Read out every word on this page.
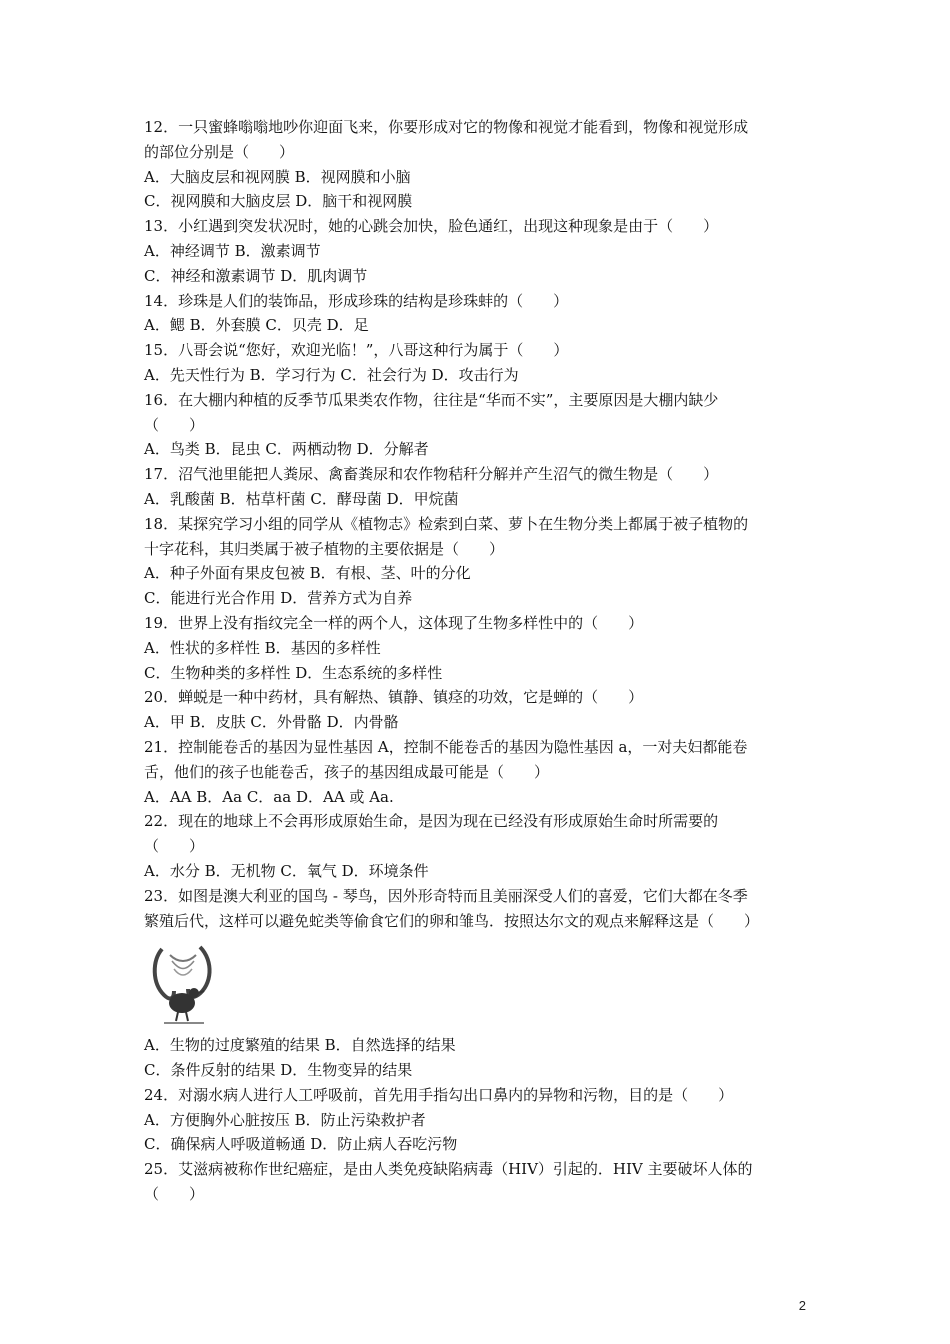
12．一只蜜蜂嗡嗡地吵你迎面飞来，你要形成对它的物像和视觉才能看到，物像和视觉形成
的部位分别是（　　）
A．大脑皮层和视网膜 B．视网膜和小脑
C．视网膜和大脑皮层 D．脑干和视网膜
13．小红遇到突发状况时，她的心跳会加快，脸色通红，出现这种现象是由于（　　）
A．神经调节 B．激素调节
C．神经和激素调节 D．肌肉调节
14．珍珠是人们的装饰品，形成珍珠的结构是珍珠蚌的（　　）
A．鳃 B．外套膜 C．贝壳 D．足
15．八哥会说“您好，欢迎光临！”，八哥这种行为属于（　　）
A．先天性行为 B．学习行为 C．社会行为 D．攻击行为
16．在大棚内种植的反季节瓜果类农作物，往往是“华而不实”，主要原因是大棚内缺少
（　　）
A．鸟类 B．昆虫 C．两栖动物 D．分解者
17．沼气池里能把人粪尿、禽畜粪尿和农作物秸秆分解并产生沼气的微生物是（　　）
A．乳酸菌 B．枯草杆菌 C．酵母菌 D．甲烷菌
18．某探究学习小组的同学从《植物志》检索到白菜、萝卜在生物分类上都属于被子植物的
十字花科，其归类属于被子植物的主要依据是（　　）
A．种子外面有果皮包被 B．有根、茎、叶的分化
C．能进行光合作用 D．营养方式为自养
19．世界上没有指纹完全一样的两个人，这体现了生物多样性中的（　　）
A．性状的多样性 B．基因的多样性
C．生物种类的多样性 D．生态系统的多样性
20．蝉蜕是一种中药材，具有解热、镇静、镇痉的功效，它是蝉的（　　）
A．甲 B．皮肤 C．外骨骼 D．内骨骼
21．控制能卷舌的基因为显性基因 A，控制不能卷舌的基因为隐性基因 a，一对夫妇都能卷
舌，他们的孩子也能卷舌，孩子的基因组成最可能是（　　）
A．AA B．Aa C．aa D．AA 或 Aa.
22．现在的地球上不会再形成原始生命，是因为现在已经没有形成原始生命时所需要的
（　　）
A．水分 B．无机物 C．氧气 D．环境条件
23．如图是澳大利亚的国鸟 - 琴鸟，因外形奇特而且美丽深受人们的喜爱，它们大都在冬季
繁殖后代，这样可以避免蛇类等偷食它们的卵和雏鸟．按照达尔文的观点来解释这是（　　）
A．生物的过度繁殖的结果 B．自然选择的结果
C．条件反射的结果 D．生物变异的结果
24．对溺水病人进行人工呼吸前，首先用手指勾出口鼻内的异物和污物，目的是（　　）
A．方便胸外心脏按压 B．防止污染救护者
C．确保病人呼吸道畅通 D．防止病人吞吃污物
25．艾滋病被称作世纪癌症，是由人类免疫缺陷病毒（HIV）引起的．HIV 主要破坏人体的
（　　）
2
